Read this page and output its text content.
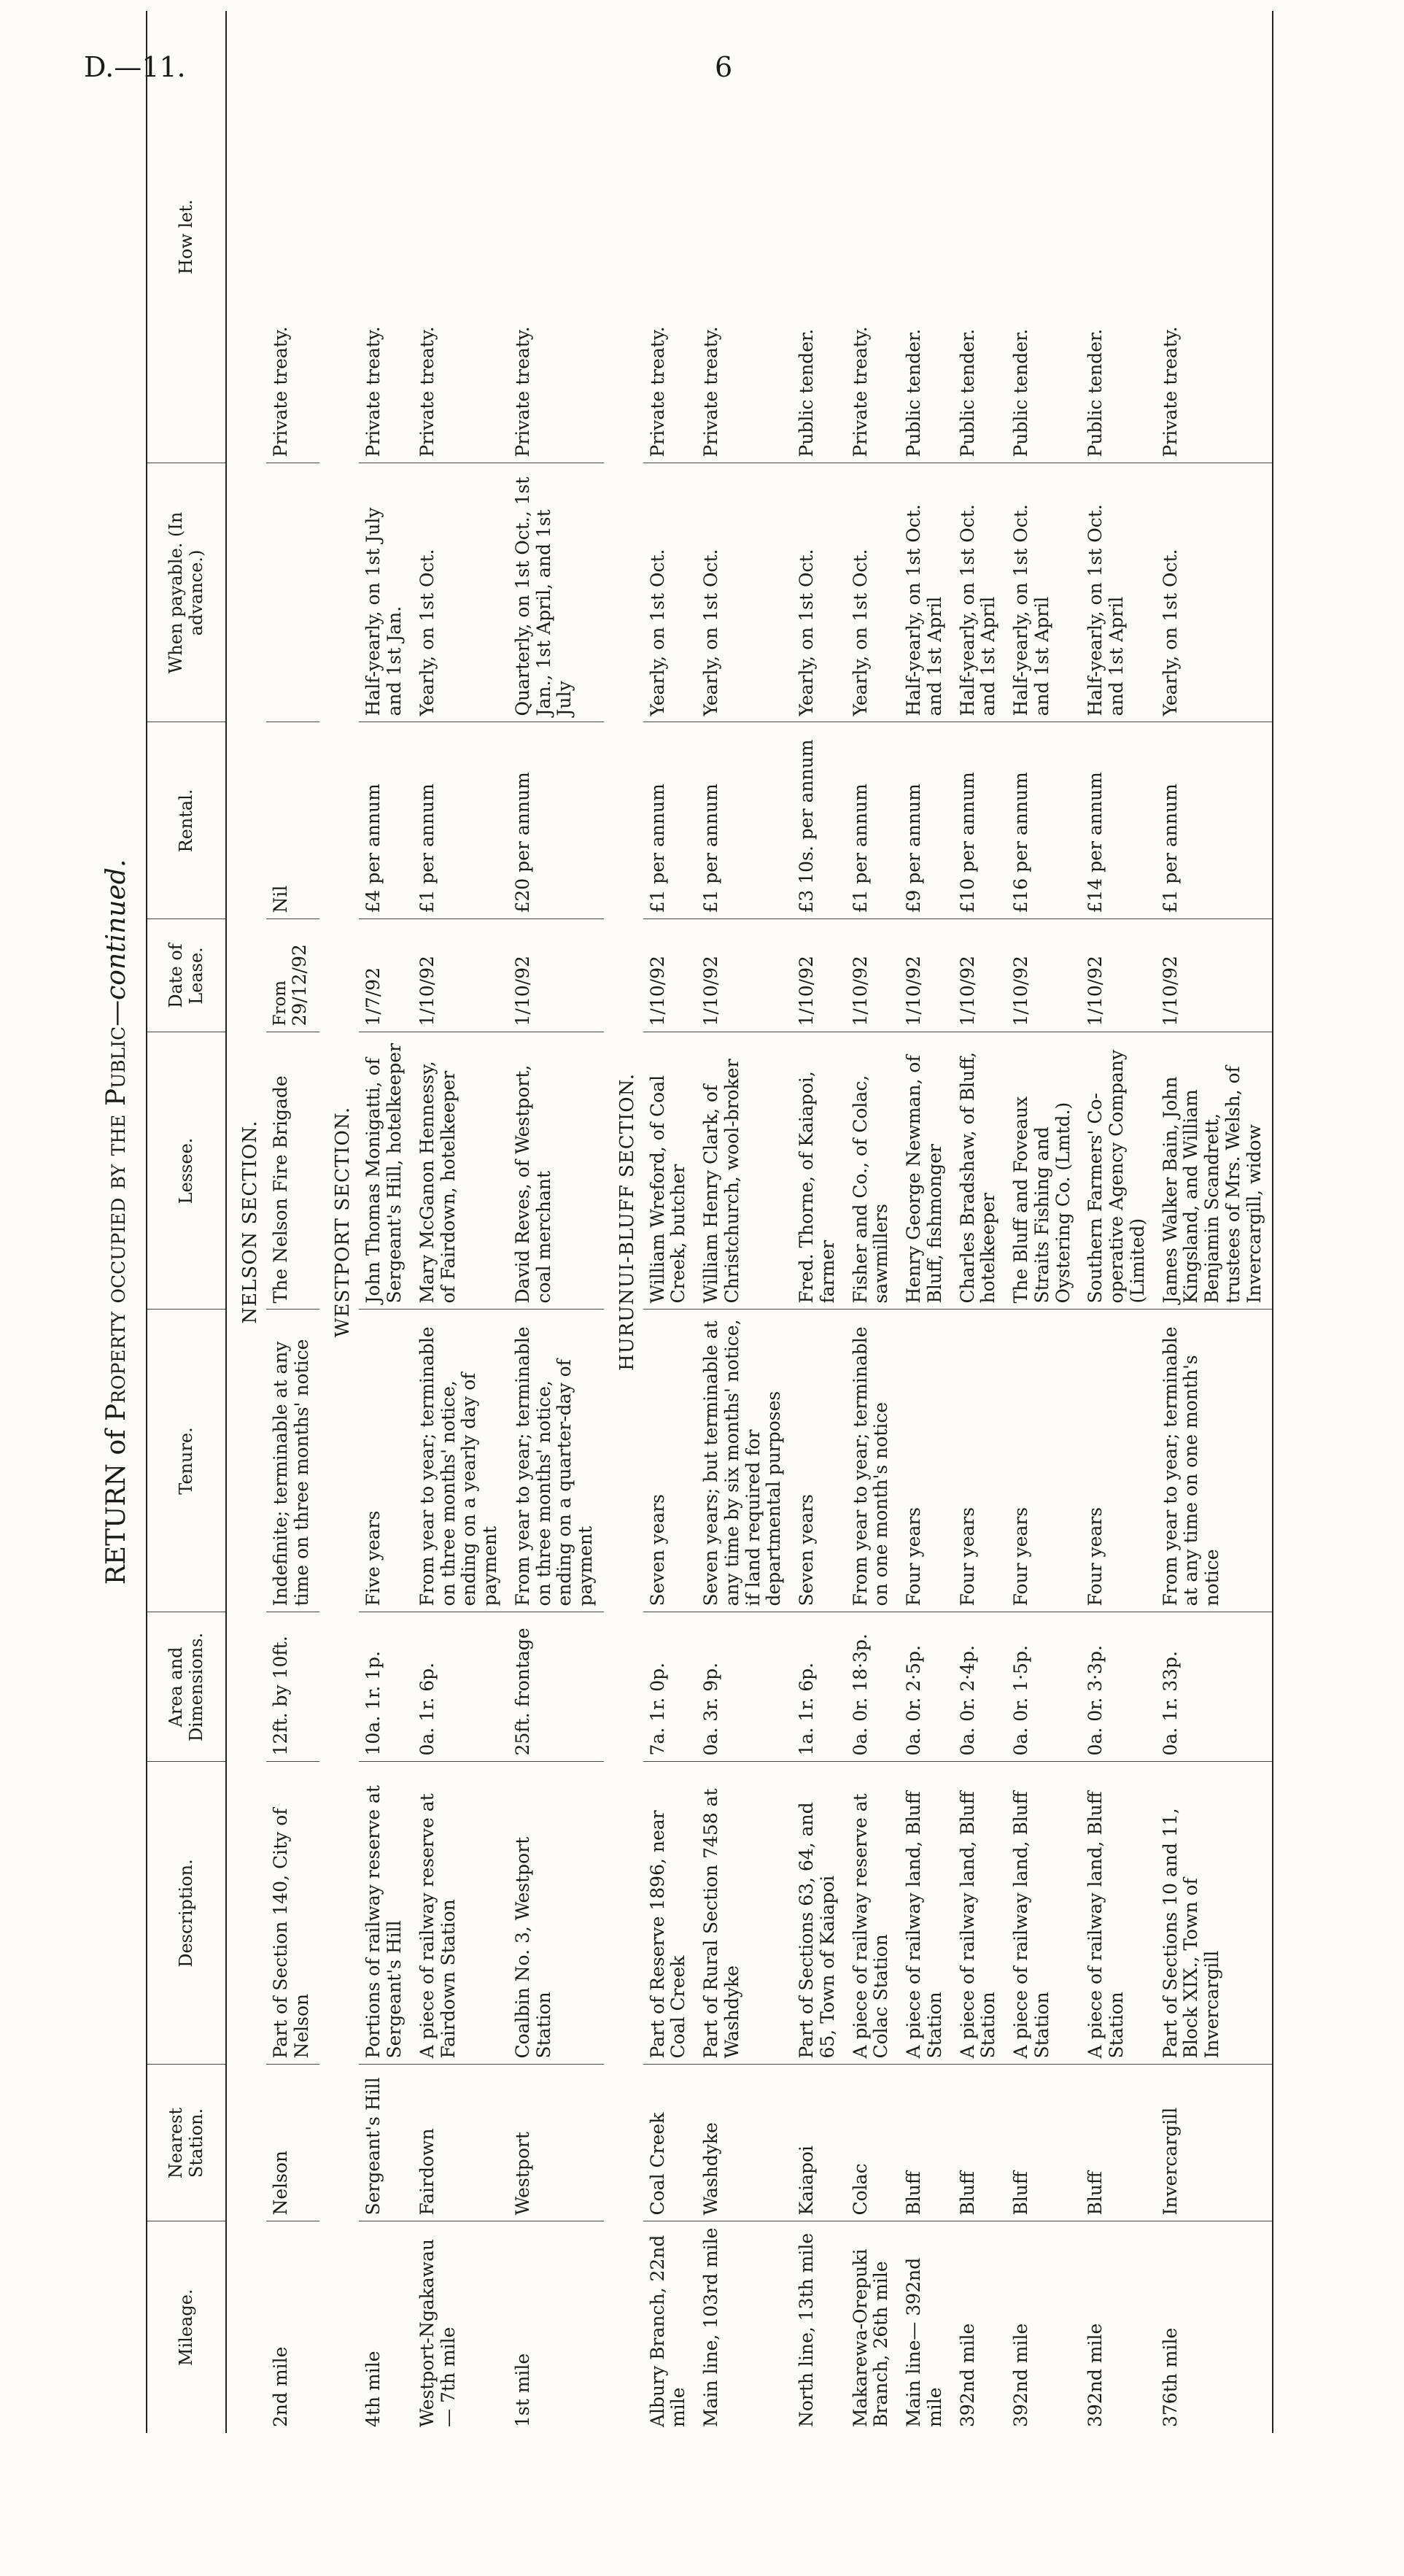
D.—11.	6
RETURN of Property occupied by the Public—continued.
Mileage.	Nearest Station.	Description.	Area and Dimensions.	Tenure.	Lessee.	Date of Lease.	Rental.	When payable. (In advance.)	How let.
NELSON SECTION.									
2nd mile	Nelson	Part of Section 140, City of Nelson	12ft. by 10ft.	Indefinite; terminable at any time on three months' notice	The Nelson Fire Brigade	From 29/12/92	Nil		Private treaty.
WESTPORT SECTION.									
4th mile	Sergeant's Hill	Portions of railway reserve at Sergeant's Hill	10a. 1r. 1p.	Five years	John Thomas Monigatti, of Sergeant's Hill, hotelkeeper	1/7/92	£4 per annum	Half-yearly, on 1st July and 1st Jan.	Private treaty.
Westport-Ngakawau— 7th mile	Fairdown	A piece of railway reserve at Fairdown Station	0a. 1r. 6p.	From year to year; terminable on three months' notice, ending on a yearly day of payment	Mary McGanon Hennessy, of Fairdown, hotelkeeper	1/10/92	£1 per annum	Yearly, on 1st Oct.	Private treaty.
1st mile	Westport	Coalbin No. 3, Westport Station	25ft. frontage	From year to year; terminable on three months' notice, ending on a quarter-day of payment	David Reves, of Westport, coal merchant	1/10/92	£20 per annum	Quarterly, on 1st Oct., 1st Jan., 1st April, and 1st July	Private treaty.
HURUNUI-BLUFF SECTION.									
Albury Branch, 22nd mile	Coal Creek	Part of Reserve 1896, near Coal Creek	7a. 1r. 0p.	Seven years	William Wreford, of Coal Creek, butcher	1/10/92	£1 per annum	Yearly, on 1st Oct.	Private treaty.
Main line, 103rd mile	Washdyke	Part of Rural Section 7458 at Washdyke	0a. 3r. 9p.	Seven years; but terminable at any time by six months' notice, if land required for departmental purposes	William Henry Clark, of Christchurch, wool-broker	1/10/92	£1 per annum	Yearly, on 1st Oct.	Private treaty.
North line, 13th mile	Kaiapoi	Part of Sections 63, 64, and 65, Town of Kaiapoi	1a. 1r. 6p.	Seven years	Fred. Thorne, of Kaiapoi, farmer	1/10/92	£3 10s. per annum	Yearly, on 1st Oct.	Public tender.
Makarewa-Orepuki Branch, 26th mile	Colac	A piece of railway reserve at Colac Station	0a. 0r. 18·3p.	From year to year; terminable on one month's notice	Fisher and Co., of Colac, sawmillers	1/10/92	£1 per annum	Yearly, on 1st Oct.	Private treaty.
Main line— 392nd mile	Bluff	A piece of railway land, Bluff Station	0a. 0r. 2·5p.	Four years	Henry George Newman, of Bluff, fishmonger	1/10/92	£9 per annum	Half-yearly, on 1st Oct. and 1st April	Public tender.
392nd mile	Bluff	A piece of railway land, Bluff Station	0a. 0r. 2·4p.	Four years	Charles Bradshaw, of Bluff, hotelkeeper	1/10/92	£10 per annum	Half-yearly, on 1st Oct. and 1st April	Public tender.
392nd mile	Bluff	A piece of railway land, Bluff Station	0a. 0r. 1·5p.	Four years	The Bluff and Foveaux Straits Fishing and Oystering Co. (Lmtd.)	1/10/92	£16 per annum	Half-yearly, on 1st Oct. and 1st April	Public tender.
392nd mile	Bluff	A piece of railway land, Bluff Station	0a. 0r. 3·3p.	Four years	Southern Farmers' Co-operative Agency Company (Limited)	1/10/92	£14 per annum	Half-yearly, on 1st Oct. and 1st April	Public tender.
376th mile	Invercargill	Part of Sections 10 and 11, Block XIX., Town of Invercargill	0a. 1r. 33p.	From year to year; terminable at any time on one month's notice	James Walker Bain, John Kingsland, and William Benjamin Scandrett, trustees of Mrs. Welsh, of Invercargill, widow	1/10/92	£1 per annum	Yearly, on 1st Oct.	Private treaty.
